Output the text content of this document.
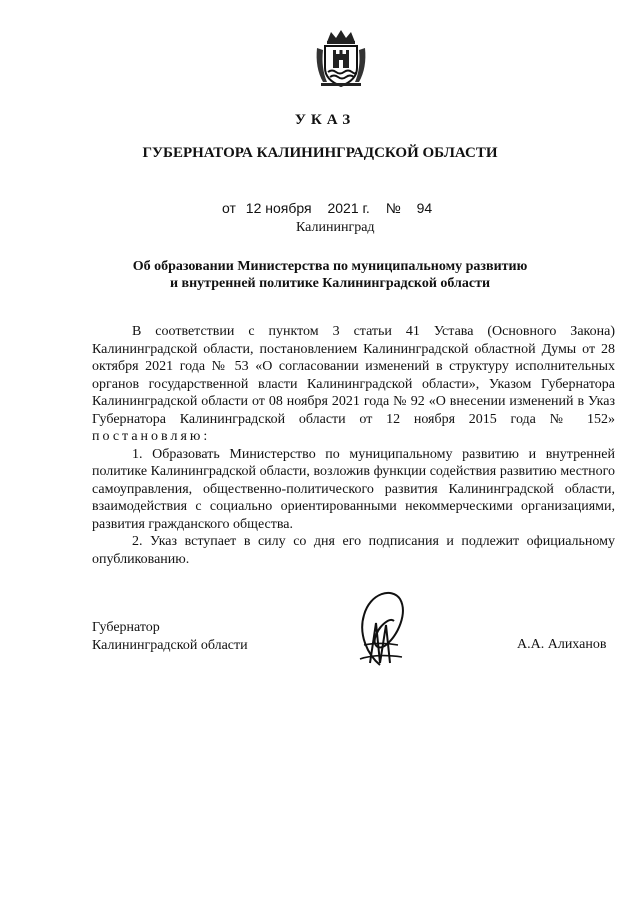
УКАЗ
ГУБЕРНАТОРА КАЛИНИНГРАДСКОЙ ОБЛАСТИ
от 12 ноября 2021 г. № 94
Калининград
Об образовании Министерства по муниципальному развитию
и внутренней политике Калининградской области

В соответствии с пунктом 3 статьи 41 Устава (Основного Закона) Калининградской области, постановлением Калининградской областной Думы от 28 октября 2021 года № 53 «О согласовании изменений в структуру исполнительных органов государственной власти Калининградской области», Указом Губернатора Калининградской области от 08 ноября 2021 года № 92 «О внесении изменений в Указ Губернатора Калининградской области от 12 ноября 2015 года № 152» постановляю:

1. Образовать Министерство по муниципальному развитию и внутренней политике Калининградской области, возложив функции содействия развитию местного самоуправления, общественно-политического развития Калининградской области, взаимодействия с социально ориентированными некоммерческими организациями, развития гражданского общества.

2. Указ вступает в силу со дня его подписания и подлежит официальному опубликованию.

Губернатор
Калининградской области	А.А. Алиханов
